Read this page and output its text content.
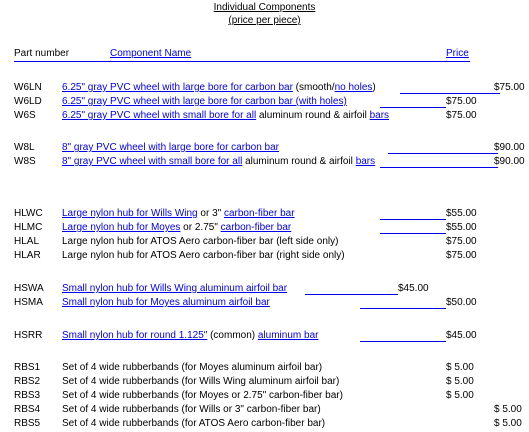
Individual Components
(price per piece)
Part number	Component Name	Price
W6LN 6.25" gray PVC wheel with large bore for carbon bar (smooth/no holes)	$75.00
W6LD 6.25" gray PVC wheel with large bore for carbon bar (with holes)	$75.00
W6S	6.25" gray PVC wheel with small bore for all aluminum round & airfoil bars	$75.00
W8L	8" gray PVC wheel with large bore for carbon bar	$90.00
W8S	8" gray PVC wheel with small bore for all aluminum round & airfoil bars	$90.00
HLWC Large nylon hub for Wills Wing or 3" carbon-fiber bar	$55.00
HLMC Large nylon hub for Moyes or 2.75" carbon-fiber bar	$55.00
HLAL Large nylon hub for ATOS Aero carbon-fiber bar (left side only)	$75.00
HLAR Large nylon hub for ATOS Aero carbon-fiber bar (right side only)	$75.00
HSWA Small nylon hub for Wills Wing aluminum airfoil bar	$45.00
HSMA Small nylon hub for Moyes aluminum airfoil bar	$50.00
HSRR Small nylon hub for round 1.125" (common) aluminum bar	$45.00
RBS1 Set of 4 wide rubberbands (for Moyes aluminum airfoil bar)	$ 5.00
RBS2 Set of 4 wide rubberbands (for Wills Wing aluminum airfoil bar)	$ 5.00
RBS3 Set of 4 wide rubberbands (for Moyes or 2.75" carbon-fiber bar)	$ 5.00
RBS4 Set of 4 wide rubberbands (for Wills or 3" carbon-fiber bar)	$ 5.00
RBS5 Set of 4 wide rubberbands (for ATOS Aero carbon-fiber bar)	$ 5.00
